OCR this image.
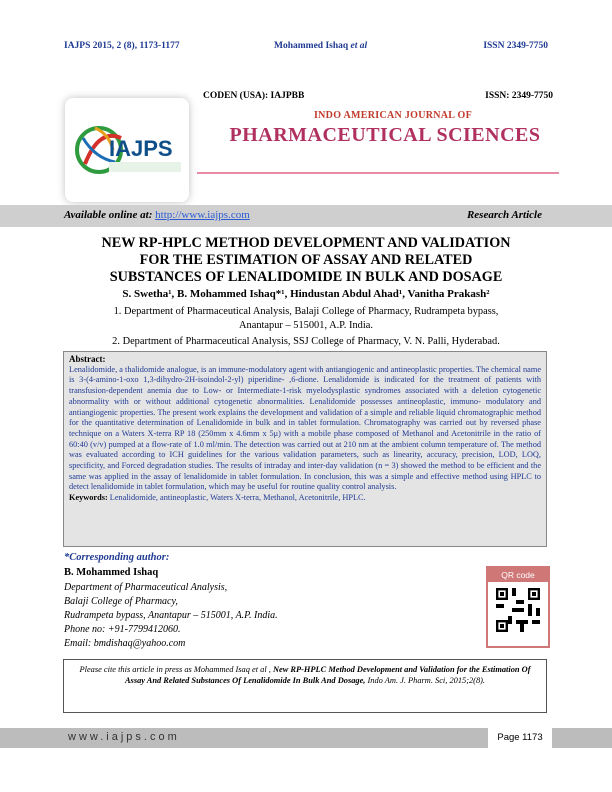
IAJPS 2015, 2 (8), 1173-1177	Mohammed Ishaq et al	ISSN 2349-7750
CODEN (USA): IAJPBB	ISSN: 2349-7750
IAJPS
INDO AMERICAN JOURNAL OF
PHARMACEUTICAL SCIENCES
Available online at: http://www.iajps.com	Research Article
NEW RP-HPLC METHOD DEVELOPMENT AND VALIDATION
FOR THE ESTIMATION OF ASSAY AND RELATED
SUBSTANCES OF LENALIDOMIDE IN BULK AND DOSAGE
S. Swetha¹, B. Mohammed Ishaq*¹, Hindustan Abdul Ahad¹, Vanitha Prakash²
1. Department of Pharmaceutical Analysis, Balaji College of Pharmacy, Rudrampeta bypass,
Anantapur – 515001, A.P. India.
2. Department of Pharmaceutical Analysis, SSJ College of Pharmacy, V. N. Palli, Hyderabad.
Abstract:
Lenalidomide, a thalidomide analogue, is an immune-modulatory agent with antiangiogenic and antineoplastic properties. The chemical name is 3-(4-amino-1-oxo 1,3-dihydro-2H-isoindol-2-yl) piperidine- ,6-dione. Lenalidomide is indicated for the treatment of patients with transfusion-dependent anemia due to Low- or Intermediate-1-risk myelodysplastic syndromes associated with a deletion cytogenetic abnormality with or without additional cytogenetic abnormalities. Lenalidomide possesses antineoplastic, immuno- modulatory and antiangiogenic properties. The present work explains the development and validation of a simple and reliable liquid chromatographic method for the quantitative determination of Lenalidomide in bulk and in tablet formulation. Chromatography was carried out by reversed phase technique on a Waters X-terra RP 18 (250mm x 4.6mm x 5μ) with a mobile phase composed of Methanol and Acetonitrile in the ratio of 60:40 (v/v) pumped at a flow-rate of 1.0 ml/min. The detection was carried out at 210 nm at the ambient column temperature of. The method was evaluated according to ICH guidelines for the various validation parameters, such as linearity, accuracy, precision, LOD, LOQ, specificity, and Forced degradation studies. The results of intraday and inter-day validation (n = 3) showed the method to be efficient and the same was applied in the assay of lenalidomide in tablet formulation. In conclusion, this was a simple and effective method using HPLC to detect lenalidomide in tablet formulation, which may be useful for routine quality control analysis.
Keywords: Lenalidomide, antineoplastic, Waters X-terra, Methanol, Acetonitrile, HPLC.
*Corresponding author:
B. Mohammed Ishaq
Department of Pharmaceutical Analysis,
Balaji College of Pharmacy,
Rudrampeta bypass, Anantapur – 515001, A.P. India.
Phone no: +91-7799412060.
Email: bmdishaq@yahoo.com
QR code
Please cite this article in press as Mohammed Isaq et al , New RP-HPLC Method Development and Validation for the Estimation Of Assay And Related Substances Of Lenalidomide In Bulk And Dosage, Indo Am. J. Pharm. Sci, 2015;2(8).
www.iajps.com	Page 1173
